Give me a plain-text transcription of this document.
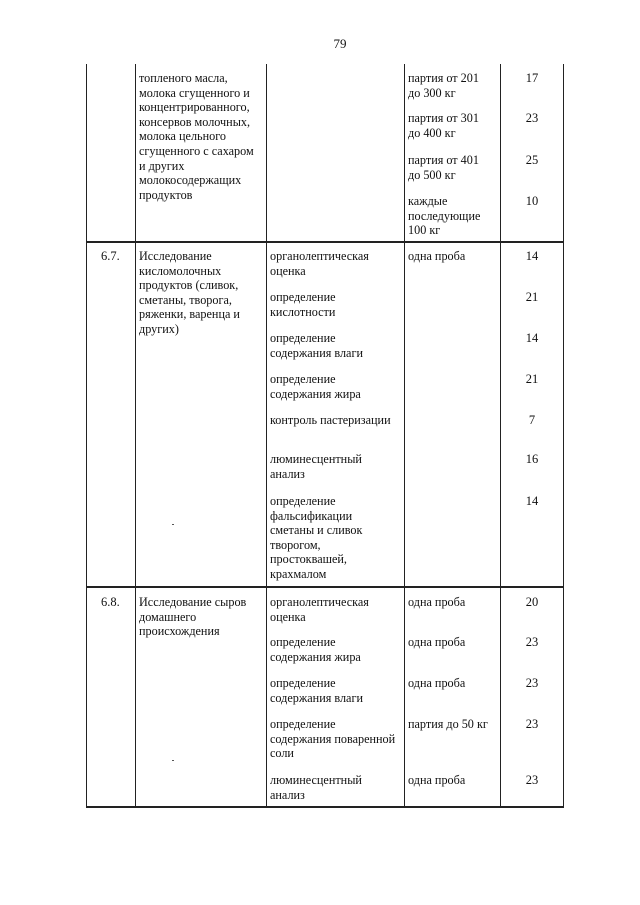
79
топленого масла,
молока сгущенного и
концентрированного,
консервов молочных,
молока цельного
сгущенного с сахаром
и других
молокосодержащих
продуктов
партия от 201
до 300 кг
партия от 301
до 400 кг
партия от 401
до 500 кг
каждые
последующие
100 кг
17
23
25
10
6.7. Исследование
кисломолочных
продуктов (сливок,
сметаны, творога,
ряженки, варенца и
других)
органолептическая
оценка
определение
кислотности
определение
содержания влаги
определение
содержания жира
контроль пастеризации
люминесцентный
анализ
определение
фальсификации
сметаны и сливок
творогом,
простоквашей,
крахмалом
одна проба	14
21
14
21
7
16
14
6.8. Исследование сыров
домашнего
происхождения
органолептическая
оценка
определение
содержания жира
определение
содержания влаги
определение
содержания поваренной
соли
люминесцентный
анализ
одна проба
одна проба
одна проба
партия до 50 кг
одна проба
20
23
23
23
23
